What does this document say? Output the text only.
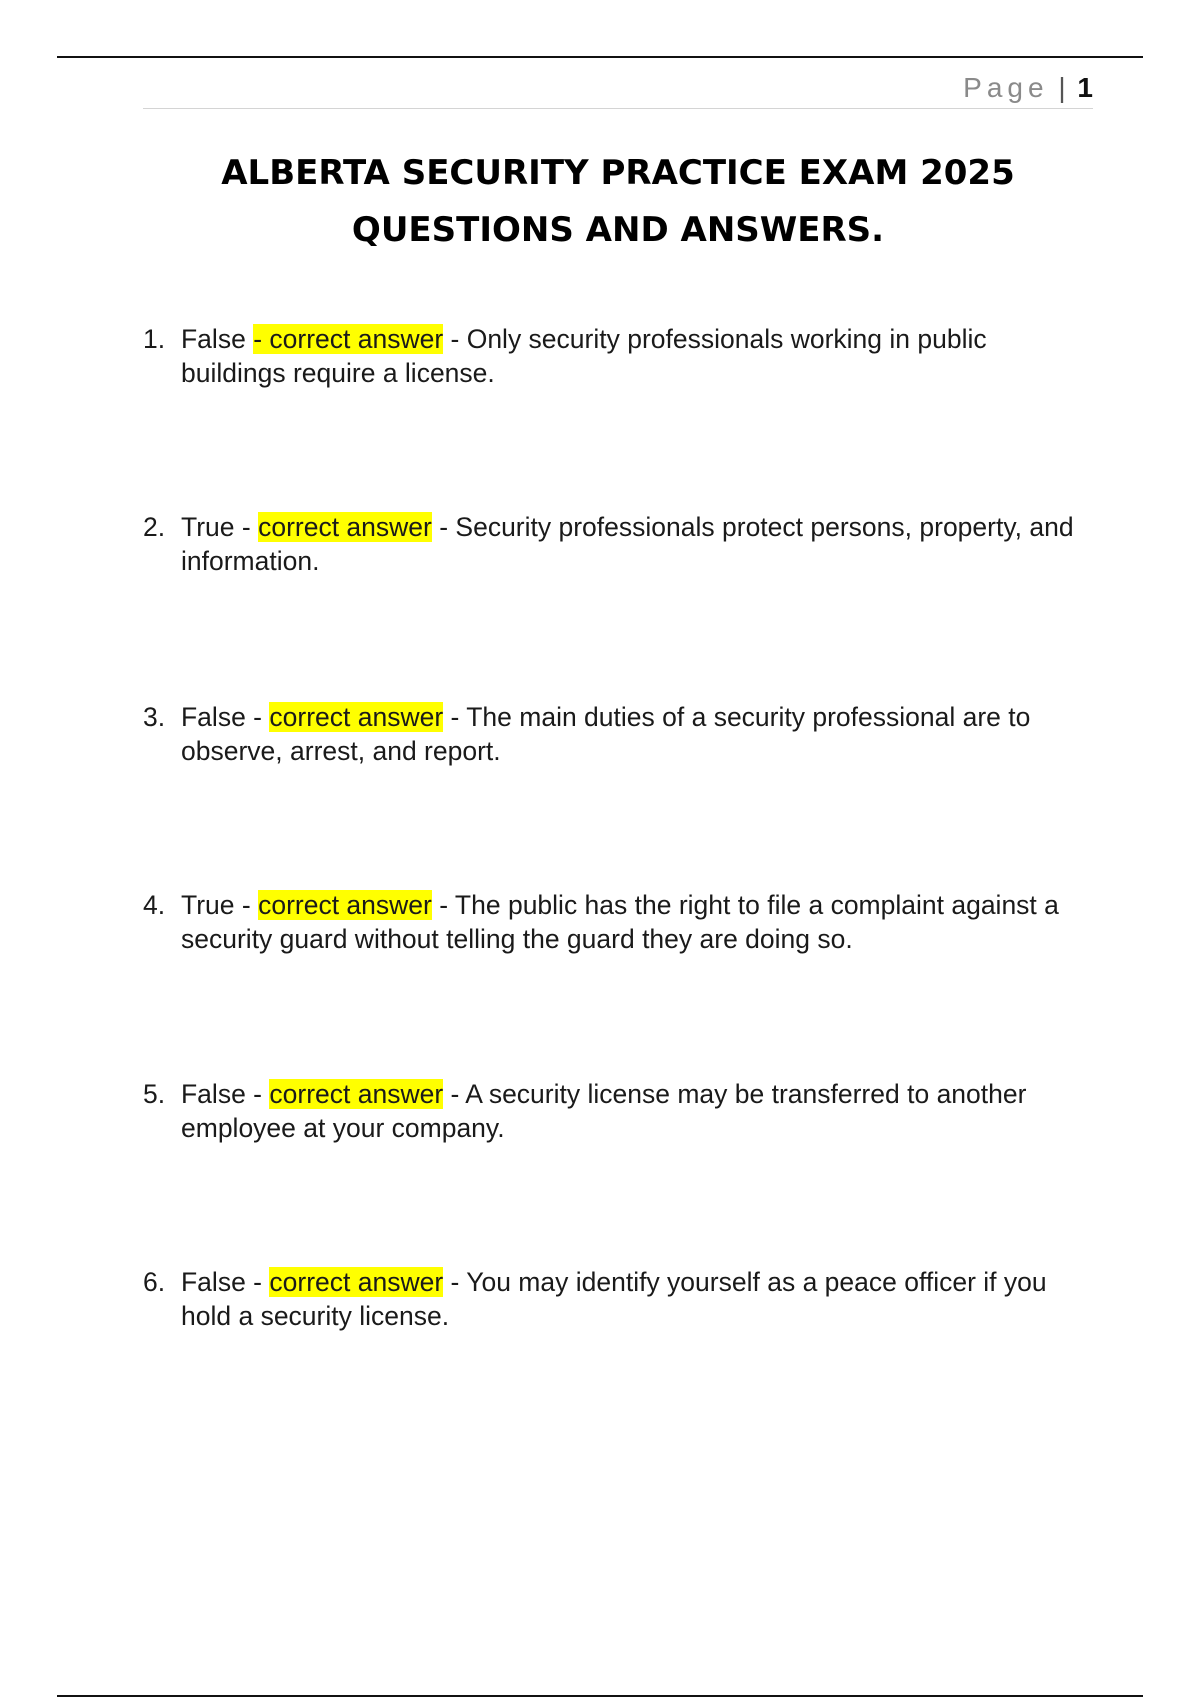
Page | 1
ALBERTA SECURITY PRACTICE EXAM 2025
QUESTIONS AND ANSWERS.
1. False - correct answer - Only security professionals working in public buildings require a license.
2. True - correct answer - Security professionals protect persons, property, and information.
3. False - correct answer - The main duties of a security professional are to observe, arrest, and report.
4. True - correct answer - The public has the right to file a complaint against a security guard without telling the guard they are doing so.
5. False - correct answer - A security license may be transferred to another employee at your company.
6. False - correct answer - You may identify yourself as a peace officer if you hold a security license.
